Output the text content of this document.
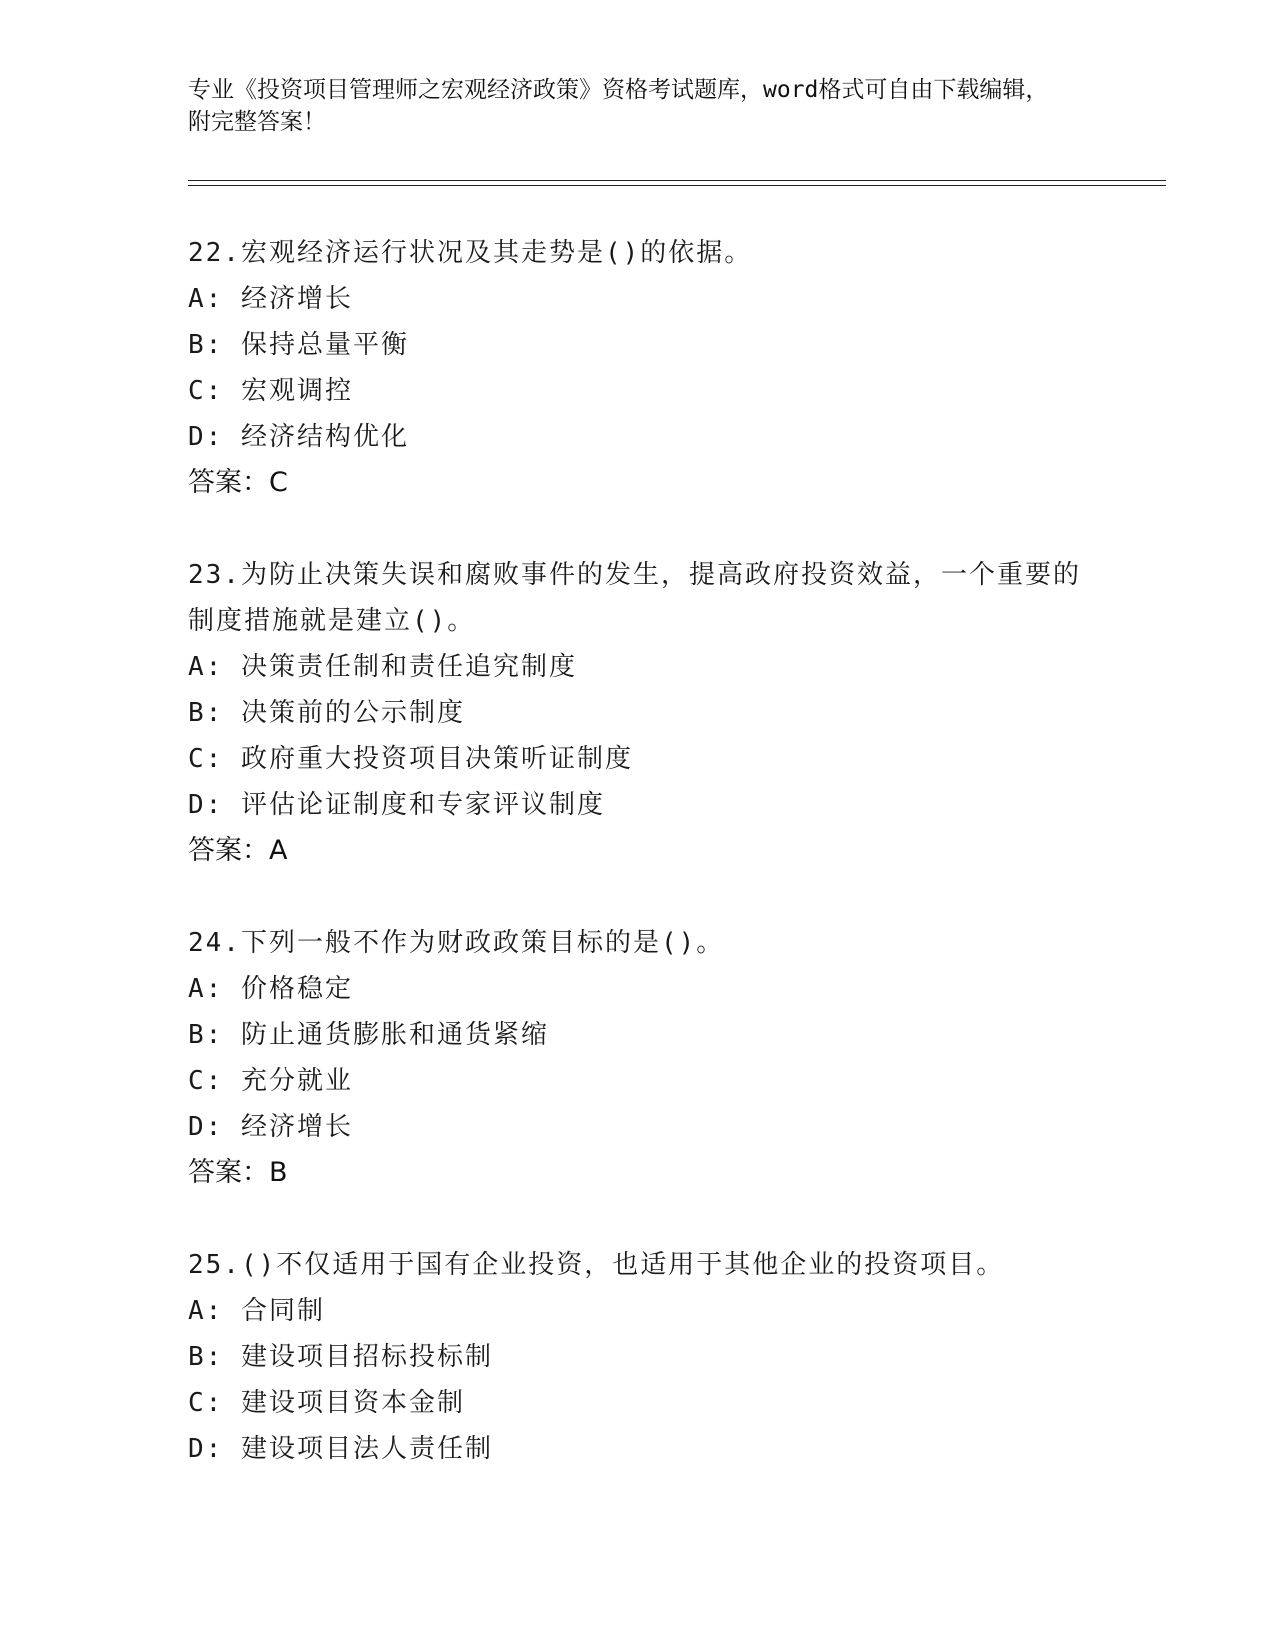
专业《投资项目管理师之宏观经济政策》资格考试题库，word格式可自由下载编辑，附完整答案！
22.宏观经济运行状况及其走势是()的依据。
A: 经济增长
B: 保持总量平衡
C: 宏观调控
D: 经济结构优化
答案：C
23.为防止决策失误和腐败事件的发生，提高政府投资效益，一个重要的制度措施就是建立()。
A: 决策责任制和责任追究制度
B: 决策前的公示制度
C: 政府重大投资项目决策听证制度
D: 评估论证制度和专家评议制度
答案：A
24.下列一般不作为财政政策目标的是()。
A: 价格稳定
B: 防止通货膨胀和通货紧缩
C: 充分就业
D: 经济增长
答案：B
25.()不仅适用于国有企业投资，也适用于其他企业的投资项目。
A: 合同制
B: 建设项目招标投标制
C: 建设项目资本金制
D: 建设项目法人责任制
